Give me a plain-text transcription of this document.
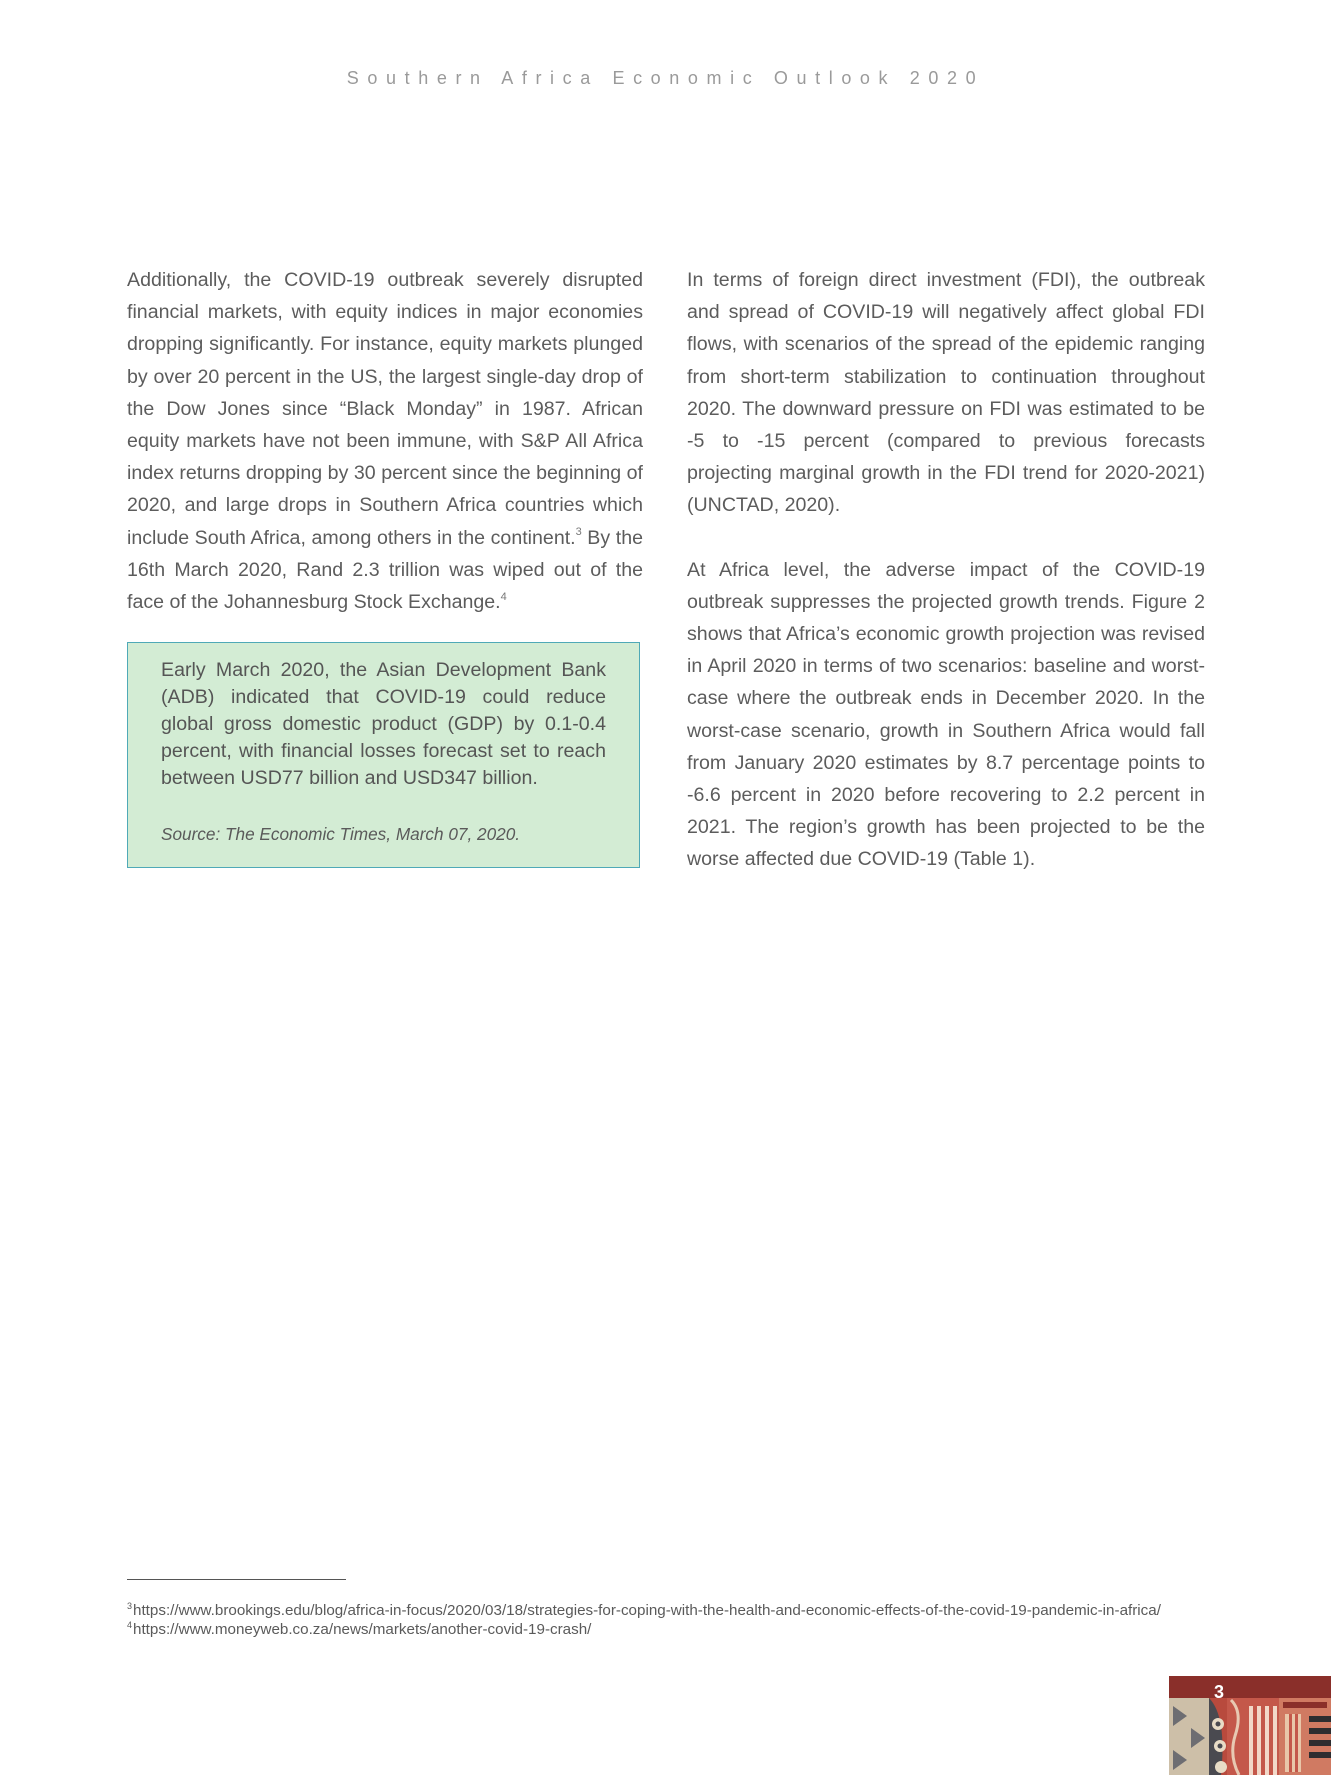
Southern Africa Economic Outlook 2020

Additionally, the COVID-19 outbreak severely disrupted financial markets, with equity indices in major economies dropping significantly. For instance, equity markets plunged by over 20 percent in the US, the largest single-day drop of the Dow Jones since “Black Monday” in 1987. African equity markets have not been immune, with S&P All Africa index returns dropping by 30 percent since the beginning of 2020, and large drops in Southern Africa countries which include South Africa, among others in the continent.$^3$ By the 16th March 2020, Rand 2.3 trillion was wiped out of the face of the Johannesburg Stock Exchange.$^4$

Early March 2020, the Asian Development Bank (ADB) indicated that COVID-19 could reduce global gross domestic product (GDP) by 0.1-0.4 percent, with financial losses forecast set to reach between USD77 billion and USD347 billion.

Source: The Economic Times, March 07, 2020.

In terms of foreign direct investment (FDI), the outbreak and spread of COVID-19 will negatively affect global FDI flows, with scenarios of the spread of the epidemic ranging from short-term stabilization to continuation throughout 2020. The downward pressure on FDI was estimated to be -5 to -15 percent (compared to previous forecasts projecting marginal growth in the FDI trend for 2020-2021) (UNCTAD, 2020).

At Africa level, the adverse impact of the COVID-19 outbreak suppresses the projected growth trends. Figure 2 shows that Africa’s economic growth projection was revised in April 2020 in terms of two scenarios: baseline and worst-case where the outbreak ends in December 2020. In the worst-case scenario, growth in Southern Africa would fall from January 2020 estimates by 8.7 percentage points to -6.6 percent in 2020 before recovering to 2.2 percent in 2021. The region’s growth has been projected to be the worse affected due COVID-19 (Table 1).

$^3$https://www.brookings.edu/blog/africa-in-focus/2020/03/18/strategies-for-coping-with-the-health-and-economic-effects-of-the-covid-19-pandemic-in-africa/
$^4$https://www.moneyweb.co.za/news/markets/another-covid-19-crash/
3
